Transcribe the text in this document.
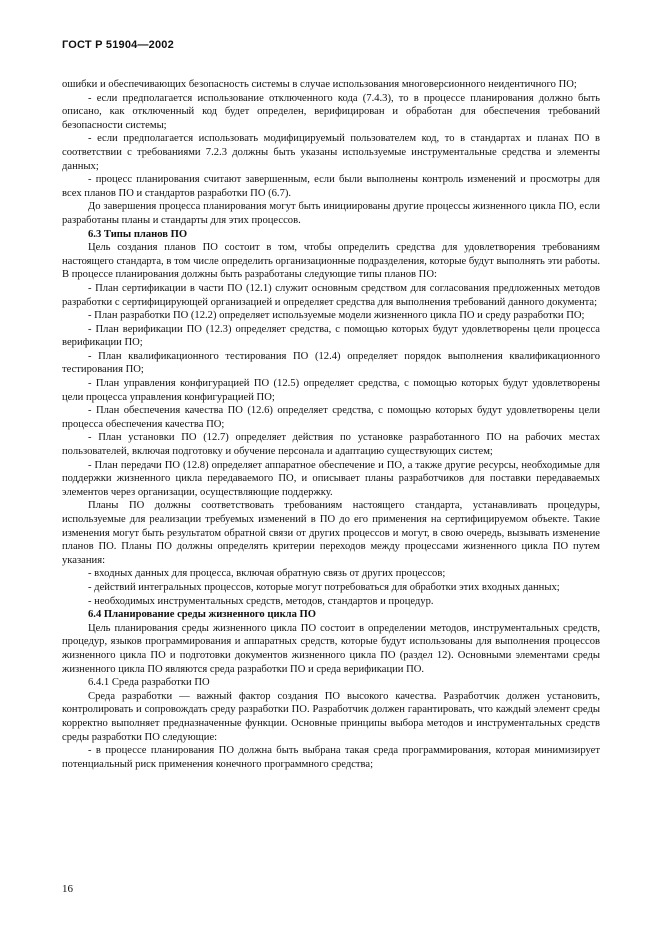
ГОСТ Р 51904—2002

ошибки и обеспечивающих безопасность системы в случае использования многоверсионного неидентичного ПО;

- если предполагается использование отключенного кода (7.4.3), то в процессе планирования должно быть описано, как отключенный код будет определен, верифицирован и обработан для обеспечения требований безопасности системы;

- если предполагается использовать модифицируемый пользователем код, то в стандартах и планах ПО в соответствии с требованиями 7.2.3 должны быть указаны используемые инструментальные средства и элементы данных;

- процесс планирования считают завершенным, если были выполнены контроль изменений и просмотры для всех планов ПО и стандартов разработки ПО (6.7).

До завершения процесса планирования могут быть инициированы другие процессы жизненного цикла ПО, если разработаны планы и стандарты для этих процессов.

6.3 Типы планов ПО

Цель создания планов ПО состоит в том, чтобы определить средства для удовлетворения требованиям настоящего стандарта, в том числе определить организационные подразделения, которые будут выполнять эти работы. В процессе планирования должны быть разработаны следующие типы планов ПО:

- План сертификации в части ПО (12.1) служит основным средством для согласования предложенных методов разработки с сертифицирующей организацией и определяет средства для выполнения требований данного документа;

- План разработки ПО (12.2) определяет используемые модели жизненного цикла ПО и среду разработки ПО;

- План верификации ПО (12.3) определяет средства, с помощью которых будут удовлетворены цели процесса верификации ПО;

- План квалификационного тестирования ПО (12.4) определяет порядок выполнения квалификационного тестирования ПО;

- План управления конфигурацией ПО (12.5) определяет средства, с помощью которых будут удовлетворены цели процесса управления конфигурацией ПО;

- План обеспечения качества ПО (12.6) определяет средства, с помощью которых будут удовлетворены цели процесса обеспечения качества ПО;

- План установки ПО (12.7) определяет действия по установке разработанного ПО на рабочих местах пользователей, включая подготовку и обучение персонала и адаптацию существующих систем;

- План передачи ПО (12.8) определяет аппаратное обеспечение и ПО, а также другие ресурсы, необходимые для поддержки жизненного цикла передаваемого ПО, и описывает планы разработчиков для поставки передаваемых элементов через организации, осуществляющие поддержку.

Планы ПО должны соответствовать требованиям настоящего стандарта, устанавливать процедуры, используемые для реализации требуемых изменений в ПО до его применения на сертифицируемом объекте. Такие изменения могут быть результатом обратной связи от других процессов и могут, в свою очередь, вызывать изменение планов ПО. Планы ПО должны определять критерии переходов между процессами жизненного цикла ПО путем указания:

- входных данных для процесса, включая обратную связь от других процессов;

- действий интегральных процессов, которые могут потребоваться для обработки этих входных данных;

- необходимых инструментальных средств, методов, стандартов и процедур.

6.4 Планирование среды жизненного цикла ПО

Цель планирования среды жизненного цикла ПО состоит в определении методов, инструментальных средств, процедур, языков программирования и аппаратных средств, которые будут использованы для выполнения процессов жизненного цикла ПО и подготовки документов жизненного цикла ПО (раздел 12). Основными элементами среды жизненного цикла ПО являются среда разработки ПО и среда верификации ПО.

6.4.1 Среда разработки ПО

Среда разработки — важный фактор создания ПО высокого качества. Разработчик должен установить, контролировать и сопровождать среду разработки ПО. Разработчик должен гарантировать, что каждый элемент среды корректно выполняет предназначенные функции. Основные принципы выбора методов и инструментальных средств среды разработки ПО следующие:

- в процессе планирования ПО должна быть выбрана такая среда программирования, которая минимизирует потенциальный риск применения конечного программного средства;

16
